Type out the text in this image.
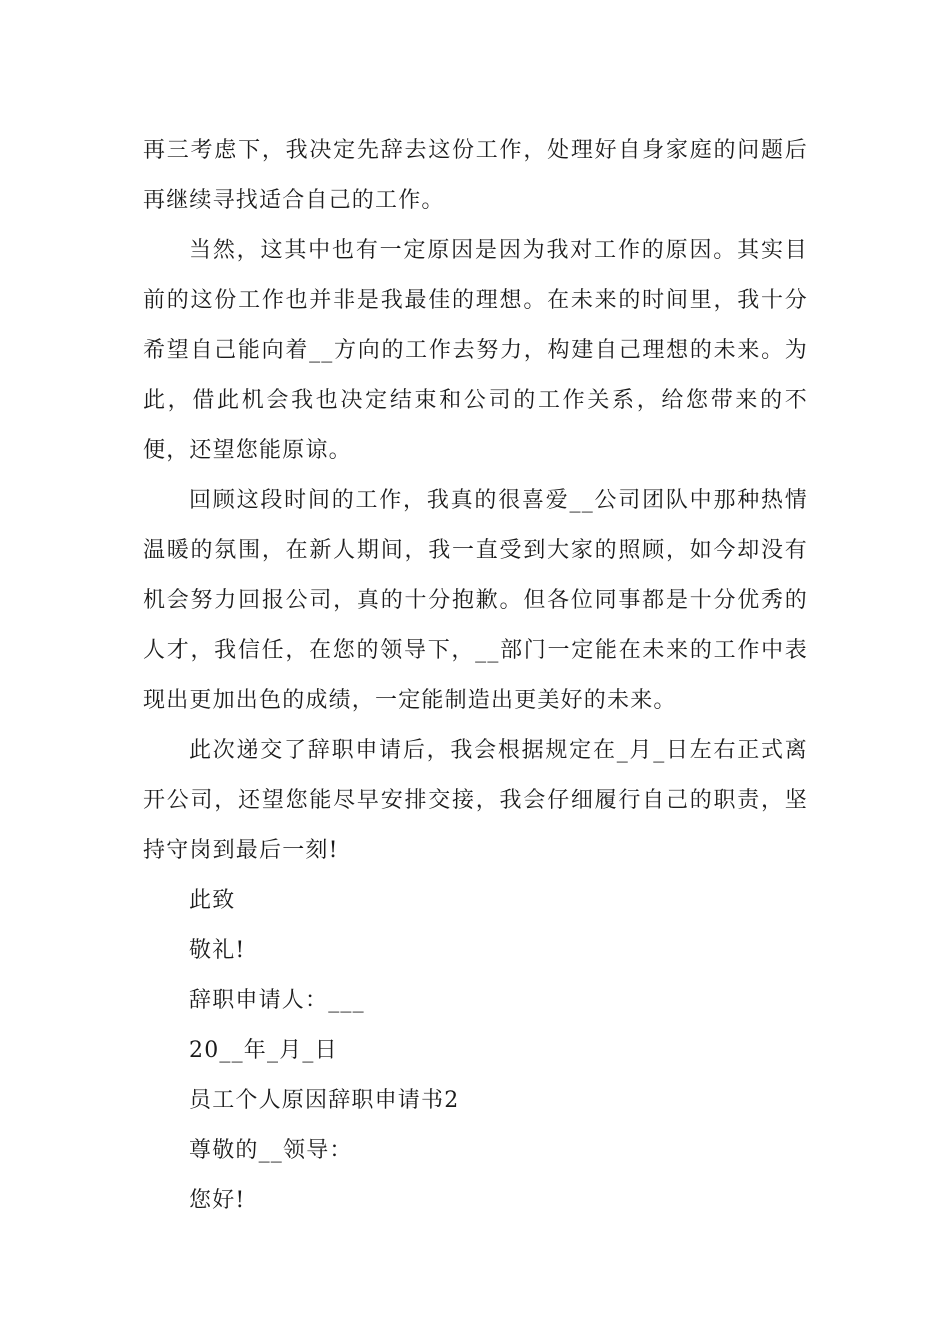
再三考虑下，我决定先辞去这份工作，处理好自身家庭的问题后再继续寻找适合自己的工作。

当然，这其中也有一定原因是因为我对工作的原因。其实目前的这份工作也并非是我最佳的理想。在未来的时间里，我十分希望自己能向着__方向的工作去努力，构建自己理想的未来。为此，借此机会我也决定结束和公司的工作关系，给您带来的不便，还望您能原谅。

回顾这段时间的工作，我真的很喜爱__公司团队中那种热情温暖的氛围，在新人期间，我一直受到大家的照顾，如今却没有机会努力回报公司，真的十分抱歉。但各位同事都是十分优秀的人才，我信任，在您的领导下，__部门一定能在未来的工作中表现出更加出色的成绩，一定能制造出更美好的未来。

此次递交了辞职申请后，我会根据规定在_月_日左右正式离开公司，还望您能尽早安排交接，我会仔细履行自己的职责，坚持守岗到最后一刻!

此致

敬礼!

辞职申请人：___

20__年_月_日

员工个人原因辞职申请书2

尊敬的__领导：

您好!
